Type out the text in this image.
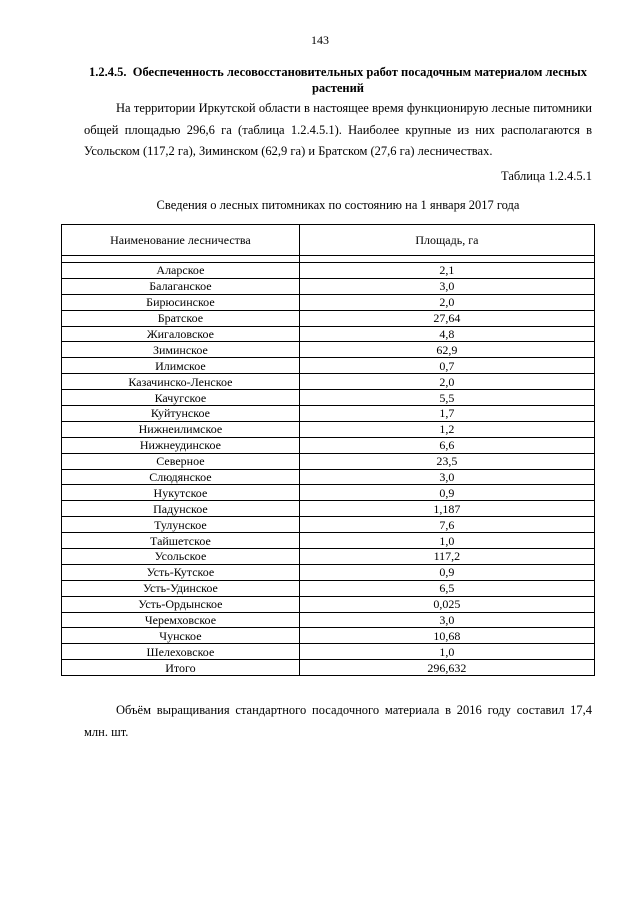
143
1.2.4.5. Обеспеченность лесовосстановительных работ посадочным материалом лесных растений

На территории Иркутской области в настоящее время функционирую лесные питомники общей площадью 296,6 га (таблица 1.2.4.5.1). Наиболее крупные из них располагаются в Усольском (117,2 га), Зиминском (62,9 га) и Братском (27,6 га) лесничествах.

Таблица 1.2.4.5.1
Сведения о лесных питомниках по состоянию на 1 января 2017 года
Наименование лесничества	Площадь, га

Аларское	2,1
Балаганское	3,0
Бирюсинское	2,0
Братское	27,64
Жигаловское	4,8
Зиминское	62,9
Илимское	0,7
Казачинско-Ленское	2,0
Качугское	5,5
Куйтунское	1,7
Нижнеилимское	1,2
Нижнеудинское	6,6
Северное	23,5
Слюдянское	3,0
Нукутское	0,9
Падунское	1,187
Тулунское	7,6
Тайшетское	1,0
Усольское	117,2
Усть-Кутское	0,9
Усть-Удинское	6,5
Усть-Ордынское	0,025
Черемховское	3,0
Чунское	10,68
Шелеховское	1,0
Итого	296,632

Объём выращивания стандартного посадочного материала в 2016 году составил 17,4 млн. шт.
